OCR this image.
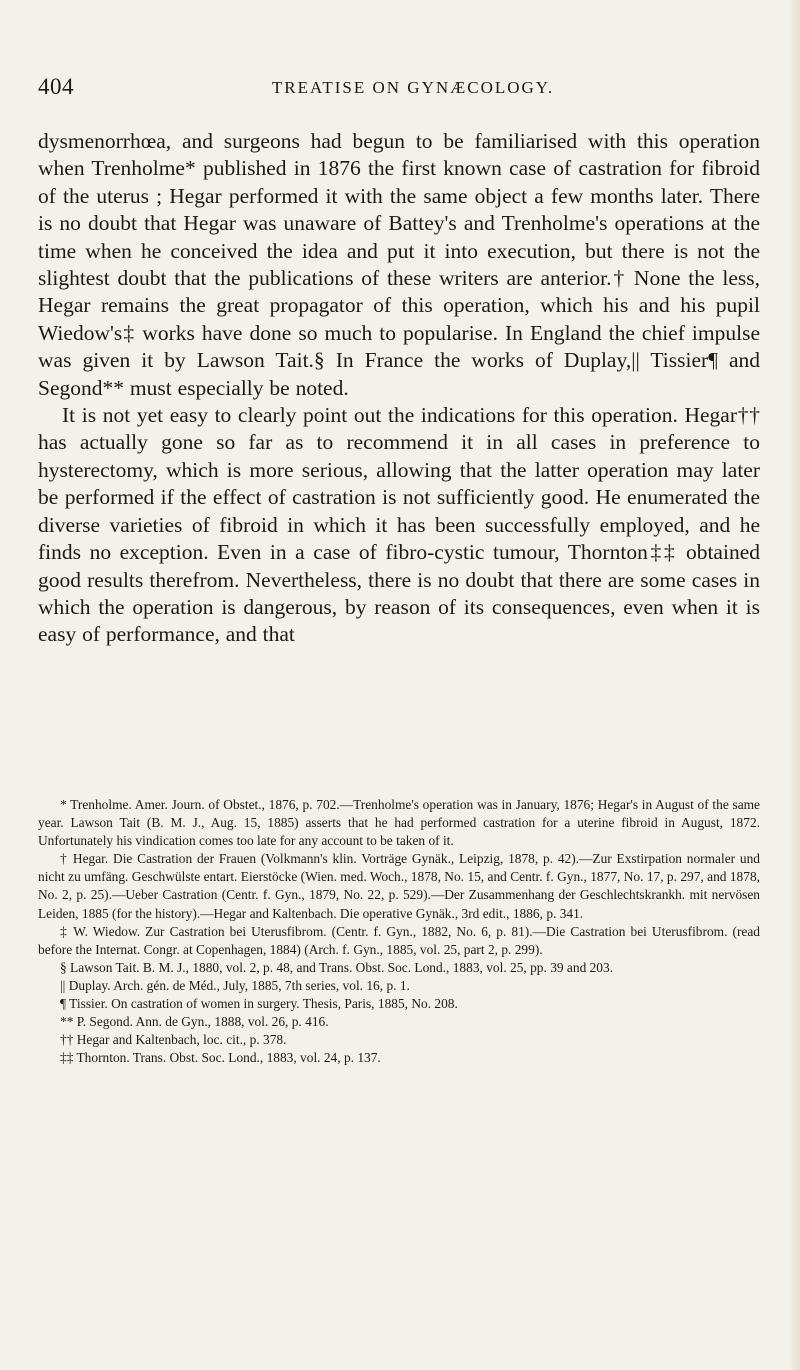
404	TREATISE ON GYNÆCOLOGY.

dysmenorrhœa, and surgeons had begun to be familiarised with this operation when Trenholme* published in 1876 the first known case of castration for fibroid of the uterus ; Hegar performed it with the same object a few months later. There is no doubt that Hegar was unaware of Battey's and Trenholme's operations at the time when he conceived the idea and put it into execution, but there is not the slightest doubt that the publications of these writers are anterior.† None the less, Hegar remains the great propagator of this operation, which his and his pupil Wiedow's‡ works have done so much to popularise. In England the chief impulse was given it by Lawson Tait.§ In France the works of Duplay,|| Tissier¶ and Segond** must especially be noted.

It is not yet easy to clearly point out the indications for this operation. Hegar†† has actually gone so far as to recommend it in all cases in preference to hysterectomy, which is more serious, allowing that the latter operation may later be performed if the effect of castration is not sufficiently good. He enumerated the diverse varieties of fibroid in which it has been successfully employed, and he finds no exception. Even in a case of fibro-cystic tumour, Thornton‡‡ obtained good results therefrom. Nevertheless, there is no doubt that there are some cases in which the operation is dangerous, by reason of its consequences, even when it is easy of performance, and that

* Trenholme. Amer. Journ. of Obstet., 1876, p. 702.—Trenholme's operation was in January, 1876; Hegar's in August of the same year. Lawson Tait (B. M. J., Aug. 15, 1885) asserts that he had performed castration for a uterine fibroid in August, 1872. Unfortunately his vindication comes too late for any account to be taken of it.

† Hegar. Die Castration der Frauen (Volkmann's klin. Vorträge Gynäk., Leipzig, 1878, p. 42).—Zur Exstirpation normaler und nicht zu umfäng. Geschwülste entart. Eierstöcke (Wien. med. Woch., 1878, No. 15, and Centr. f. Gyn., 1877, No. 17, p. 297, and 1878, No. 2, p. 25).—Ueber Castration (Centr. f. Gyn., 1879, No. 22, p. 529).—Der Zusammenhang der Geschlechtskrankh. mit nervösen Leiden, 1885 (for the history).—Hegar and Kaltenbach. Die operative Gynäk., 3rd edit., 1886, p. 341.

‡ W. Wiedow. Zur Castration bei Uterusfibrom. (Centr. f. Gyn., 1882, No. 6, p. 81).—Die Castration bei Uterusfibrom. (read before the Internat. Congr. at Copenhagen, 1884) (Arch. f. Gyn., 1885, vol. 25, part 2, p. 299).

§ Lawson Tait. B. M. J., 1880, vol. 2, p. 48, and Trans. Obst. Soc. Lond., 1883, vol. 25, pp. 39 and 203.

|| Duplay. Arch. gén. de Méd., July, 1885, 7th series, vol. 16, p. 1.

¶ Tissier. On castration of women in surgery. Thesis, Paris, 1885, No. 208.

** P. Segond. Ann. de Gyn., 1888, vol. 26, p. 416.

†† Hegar and Kaltenbach, loc. cit., p. 378.

‡‡ Thornton. Trans. Obst. Soc. Lond., 1883, vol. 24, p. 137.
